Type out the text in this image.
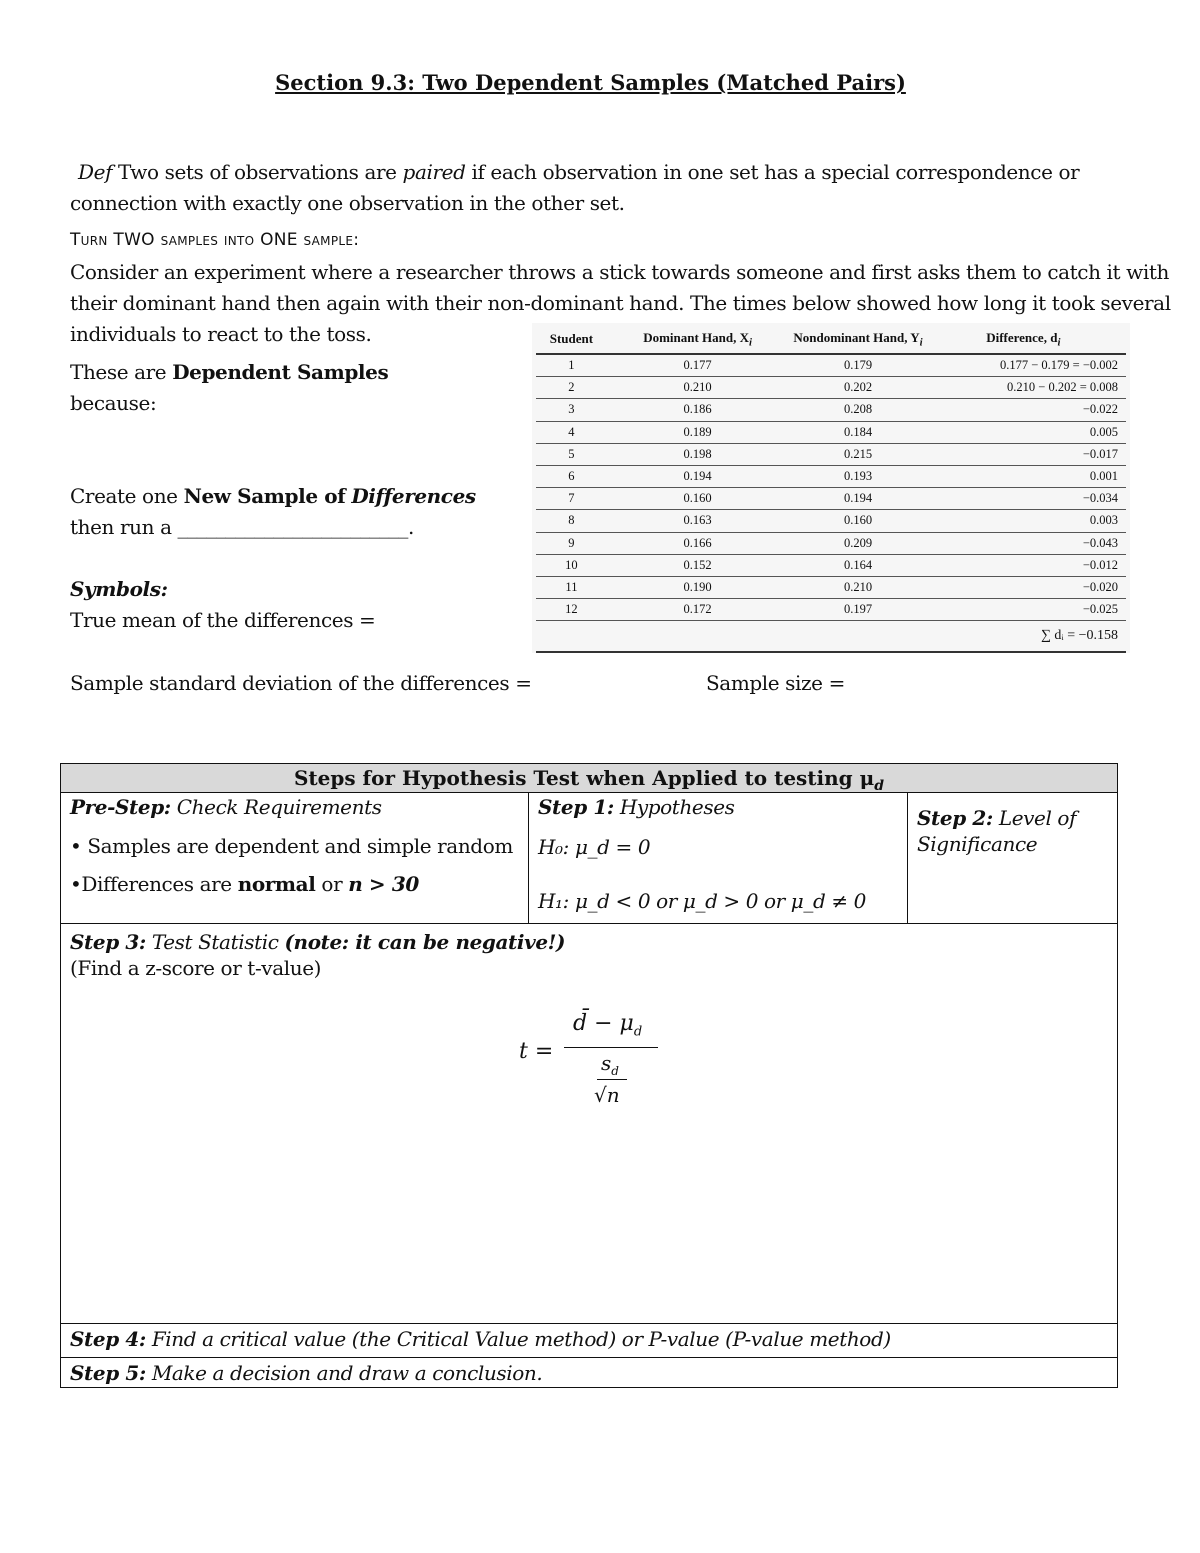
Section 9.3: Two Dependent Samples (Matched Pairs)
Def Two sets of observations are paired if each observation in one set has a special correspondence or
connection with exactly one observation in the other set.
Turn TWO samples into ONE sample:
Consider an experiment where a researcher throws a stick towards someone and first asks them to catch it with
their dominant hand then again with their non-dominant hand. The times below showed how long it took several
individuals to react to the toss.
These are Dependent Samples
because:
Create one New Sample of Differences
then run a ________________________.
Symbols:
True mean of the differences =
Sample standard deviation of the differences =	Sample size =
Student	Dominant Hand, $X_i$	Nondominant Hand, $Y_i$	Difference, $d_i$
1	0.177	0.179	0.177 − 0.179 = −0.002
2	0.210	0.202	0.210 − 0.202 = 0.008
3	0.186	0.208	−0.022
4	0.189	0.184	0.005
5	0.198	0.215	−0.017
6	0.194	0.193	0.001
7	0.160	0.194	−0.034
8	0.163	0.160	0.003
9	0.166	0.209	−0.043
10	0.152	0.164	−0.012
11	0.190	0.210	−0.020
12	0.172	0.197	−0.025
∑ dᵢ = −0.158			
Steps for Hypothesis Test when Applied to testing $\mu_d$
Pre-Step: Check Requirements
• Samples are dependent and simple random
•Differences are normal or n > 30
Step 1: Hypotheses
H₀: μ_d = 0
H₁: μ_d < 0 or μ_d > 0 or μ_d ≠ 0
Step 2: Level of
Significance
Step 3: Test Statistic (note: it can be negative!)
(Find a z-score or t-value)
t =
d̄ − $\mu_d$
$s_d$
√n
Step 4: Find a critical value (the Critical Value method) or P-value (P-value method)
Step 5: Make a decision and draw a conclusion.
